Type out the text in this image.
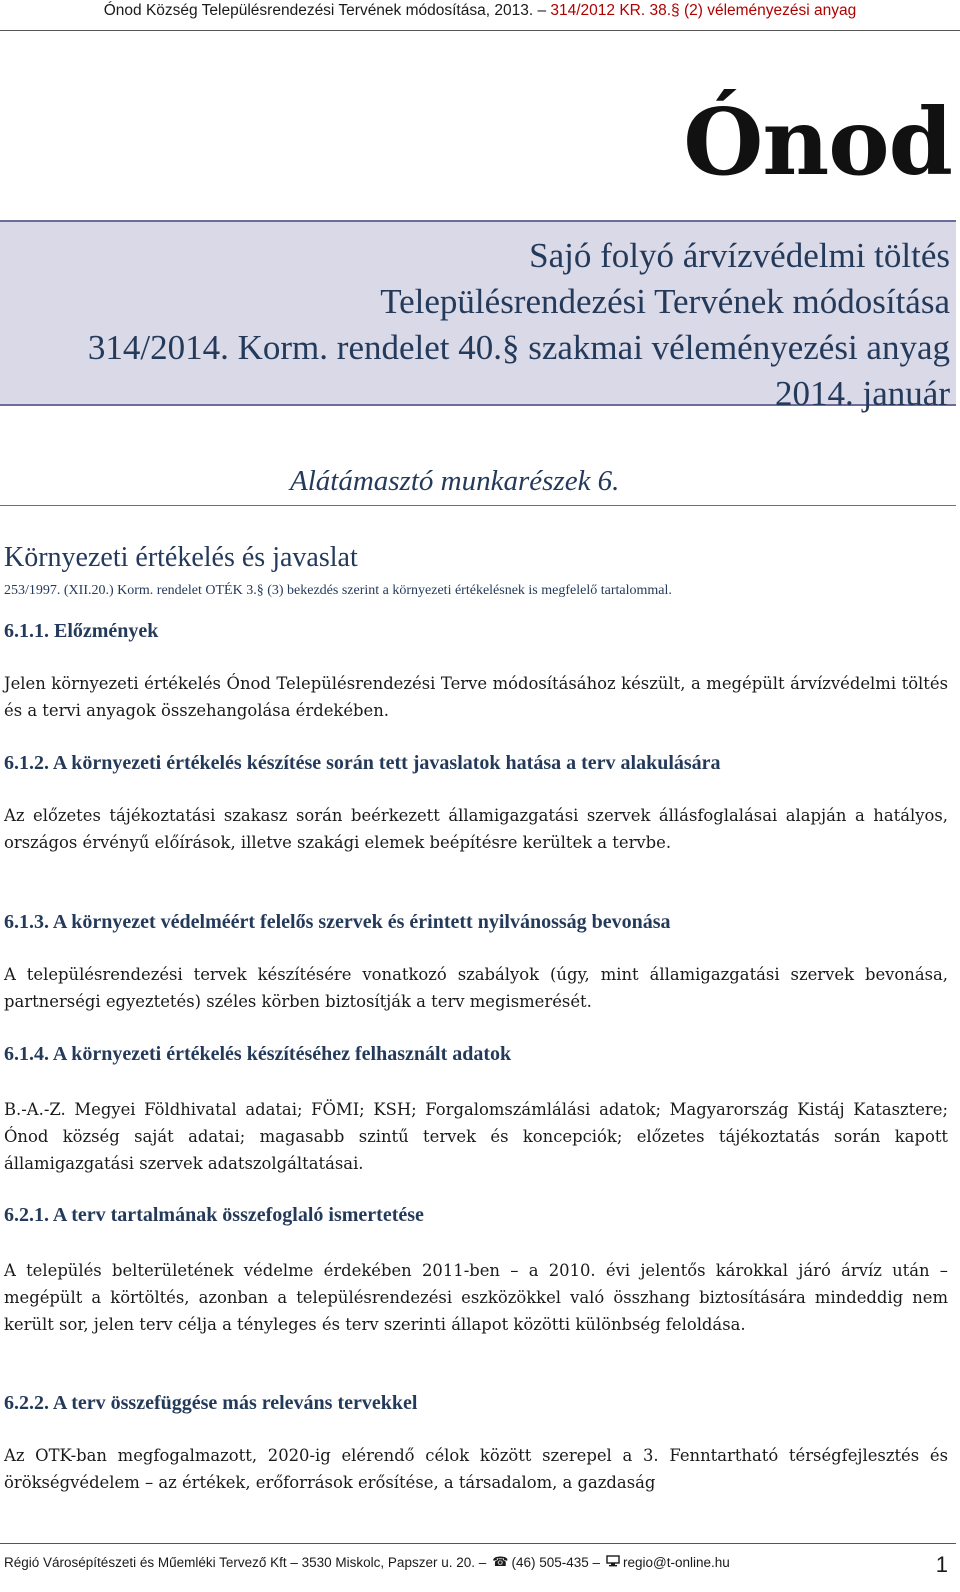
Ónod Község Településrendezési Tervének módosítása, 2013. – 314/2012 KR. 38.§ (2) véleményezési anyag
Ónod
Sajó folyó árvízvédelmi töltés
Településrendezési Tervének módosítása
314/2014. Korm. rendelet 40.§ szakmai véleményezési anyag
2014. január
Alátámasztó munkarészek 6.
Környezeti értékelés és javaslat
253/1997. (XII.20.) Korm. rendelet OTÉK 3.§ (3) bekezdés szerint a környezeti értékelésnek is megfelelő tartalommal.
6.1.1. Előzmények
Jelen környezeti értékelés Ónod Településrendezési Terve módosításához készült, a megépült árvízvédelmi töltés és a tervi anyagok összehangolása érdekében.
6.1.2. A környezeti értékelés készítése során tett javaslatok hatása a terv alakulására
Az előzetes tájékoztatási szakasz során beérkezett államigazgatási szervek állásfoglalásai alapján a hatályos, országos érvényű előírások, illetve szakági elemek beépítésre kerültek a tervbe.
6.1.3. A környezet védelméért felelős szervek és érintett nyilvánosság bevonása
A településrendezési tervek készítésére vonatkozó szabályok (úgy, mint államigazgatási szervek bevonása, partnerségi egyeztetés) széles körben biztosítják a terv megismerését.
6.1.4. A környezeti értékelés készítéséhez felhasznált adatok
B.-A.-Z. Megyei Földhivatal adatai; FÖMI; KSH; Forgalomszámlálási adatok; Magyarország Kistáj Katasztere; Ónod község saját adatai; magasabb szintű tervek és koncepciók; előzetes tájékoztatás során kapott államigazgatási szervek adatszolgáltatásai.
6.2.1. A terv tartalmának összefoglaló ismertetése
A település belterületének védelme érdekében 2011-ben – a 2010. évi jelentős károkkal járó árvíz után – megépült a körtöltés, azonban a településrendezési eszközökkel való összhang biztosítására mindeddig nem került sor, jelen terv célja a tényleges és terv szerinti állapot közötti különbség feloldása.
6.2.2. A terv összefüggése más releváns tervekkel
Az OTK-ban megfogalmazott, 2020-ig elérendő célok között szerepel a 3. Fenntartható térségfejlesztés és örökségvédelem – az értékek, erőforrások erősítése, a társadalom, a gazdaság
Régió Városépítészeti és Műemléki Tervező Kft – 3530 Miskolc, Papszer u. 20. – ☎ (46) 505-435 – regio@t-online.hu	1
